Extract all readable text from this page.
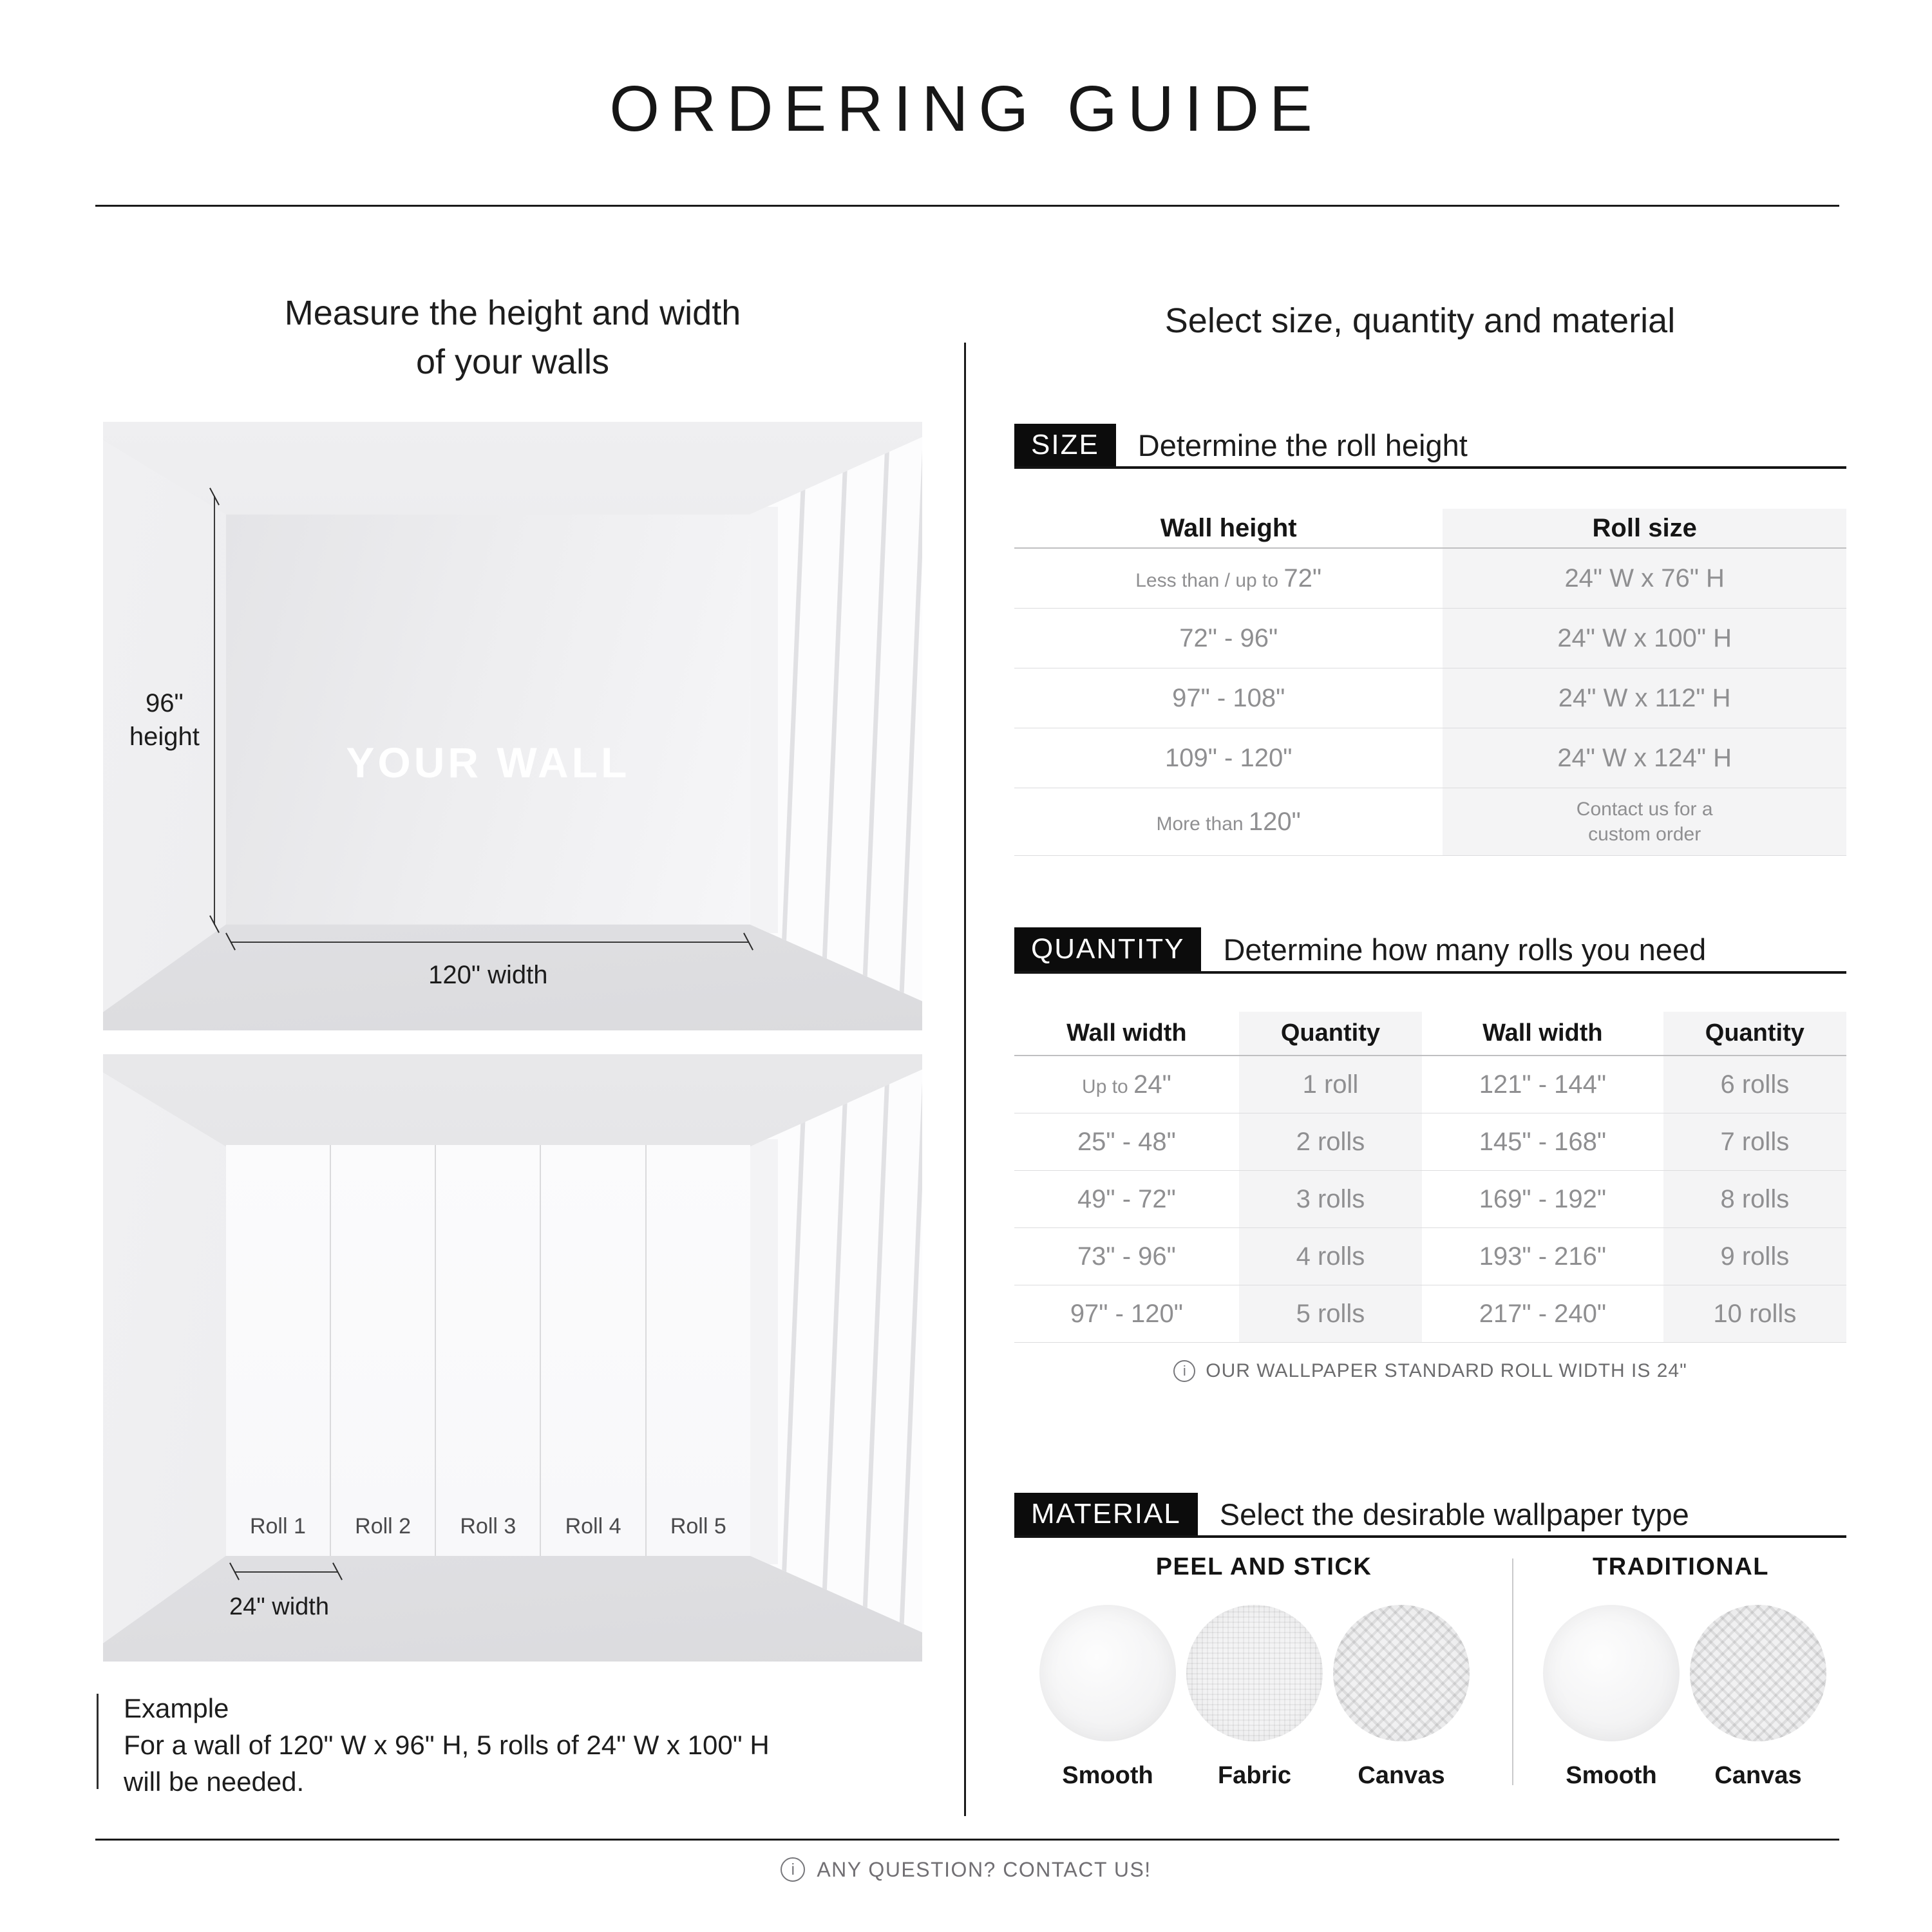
ORDERING GUIDE
Measure the height and width
of your walls
YOUR WALL
96"
height
120" width
Roll 1 Roll 2 Roll 3 Roll 4 Roll 5
24" width
Example
For a wall of 120" W x 96" H, 5 rolls of 24" W x 100" H
will be needed.
Select size, quantity and material
SIZE	Determine the roll height
Wall height	Roll size
Less than / up to 72"	24" W x 76" H
72" - 96"	24" W x 100" H
97" - 108"	24" W x 112" H
109" - 120"	24" W x 124" H
More than 120"	Contact us for a
custom order
QUANTITY	Determine how many rolls you need
Wall width	Quantity	Wall width	Quantity
Up to 24"	1 roll	121" - 144"	6 rolls
25" - 48"	2 rolls	145" - 168"	7 rolls
49" - 72"	3 rolls	169" - 192"	8 rolls
73" - 96"	4 rolls	193" - 216"	9 rolls
97" - 120"	5 rolls	217" - 240"	10 rolls
i	OUR WALLPAPER STANDARD ROLL WIDTH IS 24"
MATERIAL	Select the desirable wallpaper type
PEEL AND STICK	TRADITIONAL
Smooth	Fabric	Canvas	Smooth	Canvas
i	ANY QUESTION? CONTACT US!
